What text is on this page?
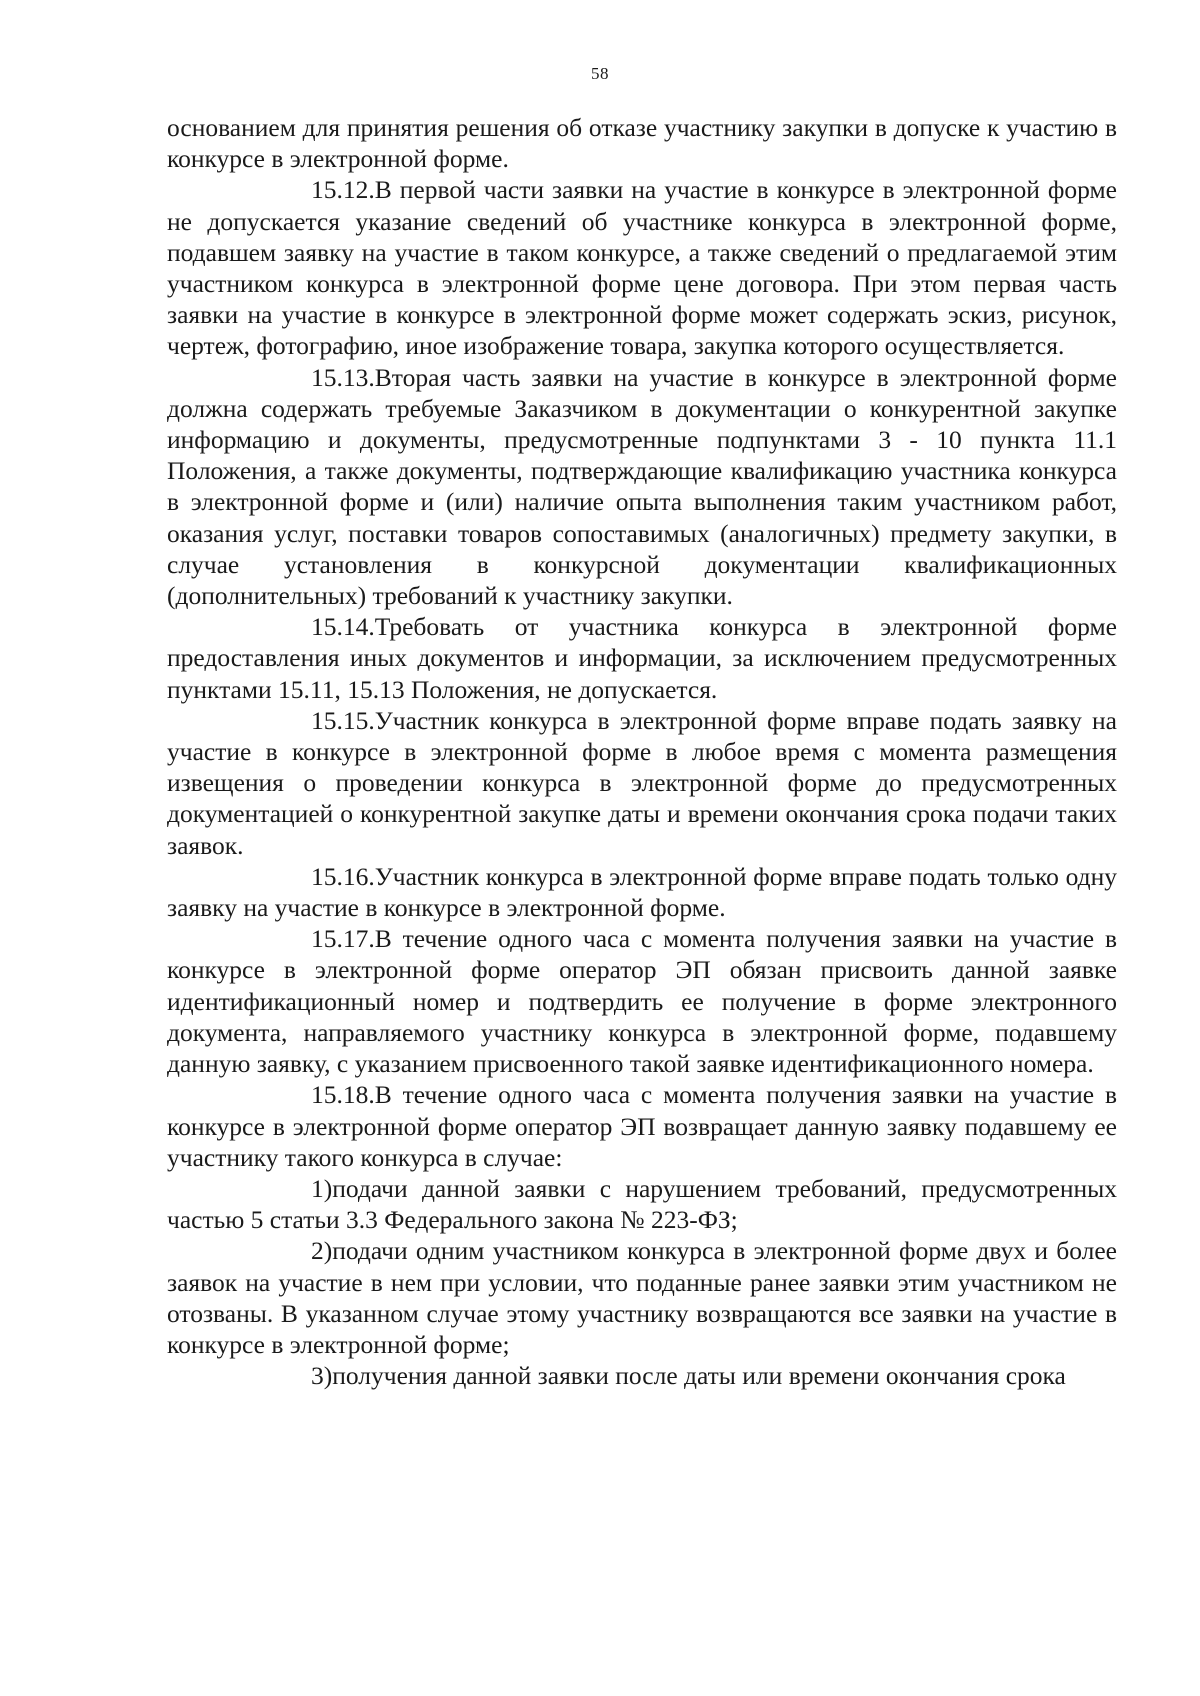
58

основанием для принятия решения об отказе участнику закупки в допуске к участию в конкурсе в электронной форме.

15.12.В первой части заявки на участие в конкурсе в электронной форме не допускается указание сведений об участнике конкурса в электронной форме, подавшем заявку на участие в таком конкурсе, а также сведений о предлагаемой этим участником конкурса в электронной форме цене договора. При этом первая часть заявки на участие в конкурсе в электронной форме может содержать эскиз, рисунок, чертеж, фотографию, иное изображение товара, закупка которого осуществляется.

15.13.Вторая часть заявки на участие в конкурсе в электронной форме должна содержать требуемые Заказчиком в документации о конкурентной закупке информацию и документы, предусмотренные подпунктами 3 - 10 пункта 11.1 Положения, а также документы, подтверждающие квалификацию участника конкурса в электронной форме и (или) наличие опыта выполнения таким участником работ, оказания услуг, поставки товаров сопоставимых (аналогичных) предмету закупки, в случае установления в конкурсной документации квалификационных (дополнительных) требований к участнику закупки.

15.14.Требовать от участника конкурса в электронной форме предоставления иных документов и информации, за исключением предусмотренных пунктами 15.11, 15.13 Положения, не допускается.

15.15.Участник конкурса в электронной форме вправе подать заявку на участие в конкурсе в электронной форме в любое время с момента размещения извещения о проведении конкурса в электронной форме до предусмотренных документацией о конкурентной закупке даты и времени окончания срока подачи таких заявок.

15.16.Участник конкурса в электронной форме вправе подать только одну заявку на участие в конкурсе в электронной форме.

15.17.В течение одного часа с момента получения заявки на участие в конкурсе в электронной форме оператор ЭП обязан присвоить данной заявке идентификационный номер и подтвердить ее получение в форме электронного документа, направляемого участнику конкурса в электронной форме, подавшему данную заявку, с указанием присвоенного такой заявке идентификационного номера.

15.18.В течение одного часа с момента получения заявки на участие в конкурсе в электронной форме оператор ЭП возвращает данную заявку подавшему ее участнику такого конкурса в случае:

1)подачи данной заявки с нарушением требований, предусмотренных частью 5 статьи 3.3 Федерального закона № 223-ФЗ;

2)подачи одним участником конкурса в электронной форме двух и более заявок на участие в нем при условии, что поданные ранее заявки этим участником не отозваны. В указанном случае этому участнику возвращаются все заявки на участие в конкурсе в электронной форме;

3)получения данной заявки после даты или времени окончания срока
